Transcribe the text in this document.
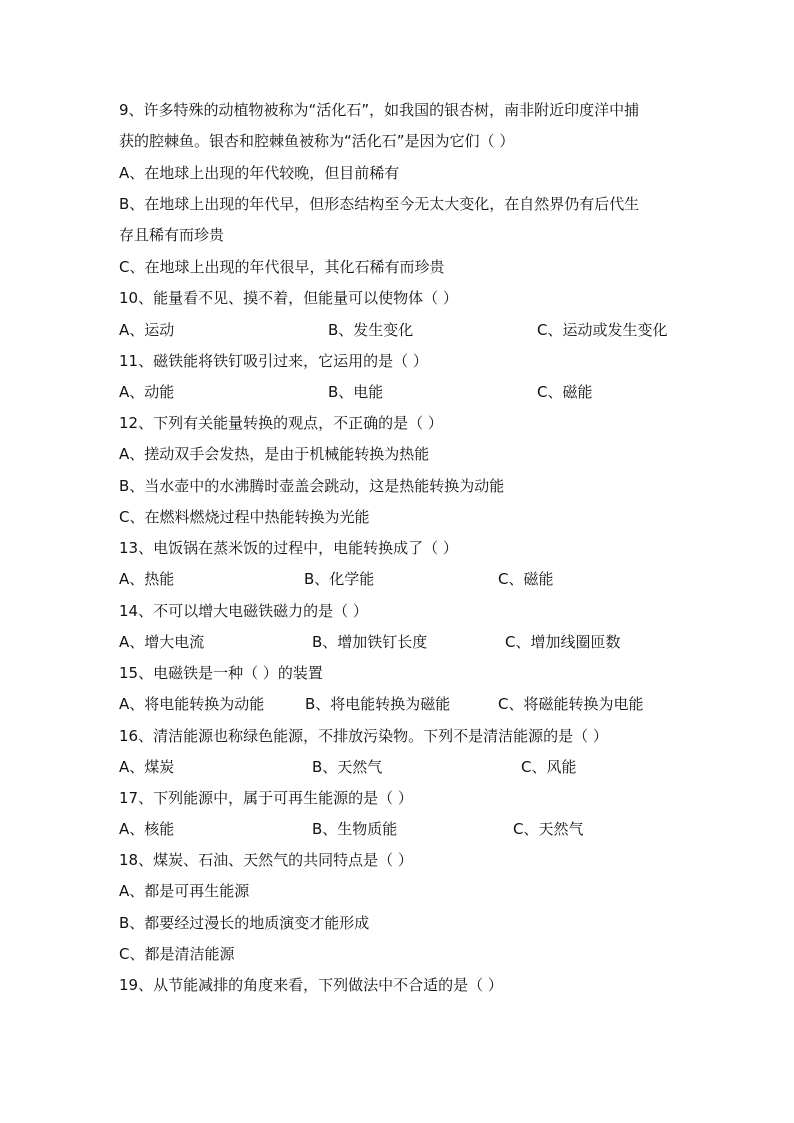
9、许多特殊的动植物被称为“活化石”，如我国的银杏树，南非附近印度洋中捕
获的腔棘鱼。银杏和腔棘鱼被称为“活化石”是因为它们（ ）
A、在地球上出现的年代较晚，但目前稀有
B、在地球上出现的年代早，但形态结构至今无太大变化，在自然界仍有后代生
存且稀有而珍贵
C、在地球上出现的年代很早，其化石稀有而珍贵
10、能量看不见、摸不着，但能量可以使物体（ ）
A、运动	B、发生变化	C、运动或发生变化
11、磁铁能将铁钉吸引过来，它运用的是（ ）
A、动能	B、电能	C、磁能
12、下列有关能量转换的观点，不正确的是（ ）
A、搓动双手会发热，是由于机械能转换为热能
B、当水壶中的水沸腾时壶盖会跳动，这是热能转换为动能
C、在燃料燃烧过程中热能转换为光能
13、电饭锅在蒸米饭的过程中，电能转换成了（ ）
A、热能	B、化学能	C、磁能
14、不可以增大电磁铁磁力的是（ ）
A、增大电流	B、增加铁钉长度	C、增加线圈匝数
15、电磁铁是一种（ ）的装置
A、将电能转换为动能	B、将电能转换为磁能	C、将磁能转换为电能
16、清洁能源也称绿色能源，不排放污染物。下列不是清洁能源的是（ ）
A、煤炭	B、天然气	C、风能
17、下列能源中，属于可再生能源的是（ ）
A、核能	B、生物质能	C、天然气
18、煤炭、石油、天然气的共同特点是（ ）
A、都是可再生能源
B、都要经过漫长的地质演变才能形成
C、都是清洁能源
19、从节能减排的角度来看，下列做法中不合适的是（ ）
